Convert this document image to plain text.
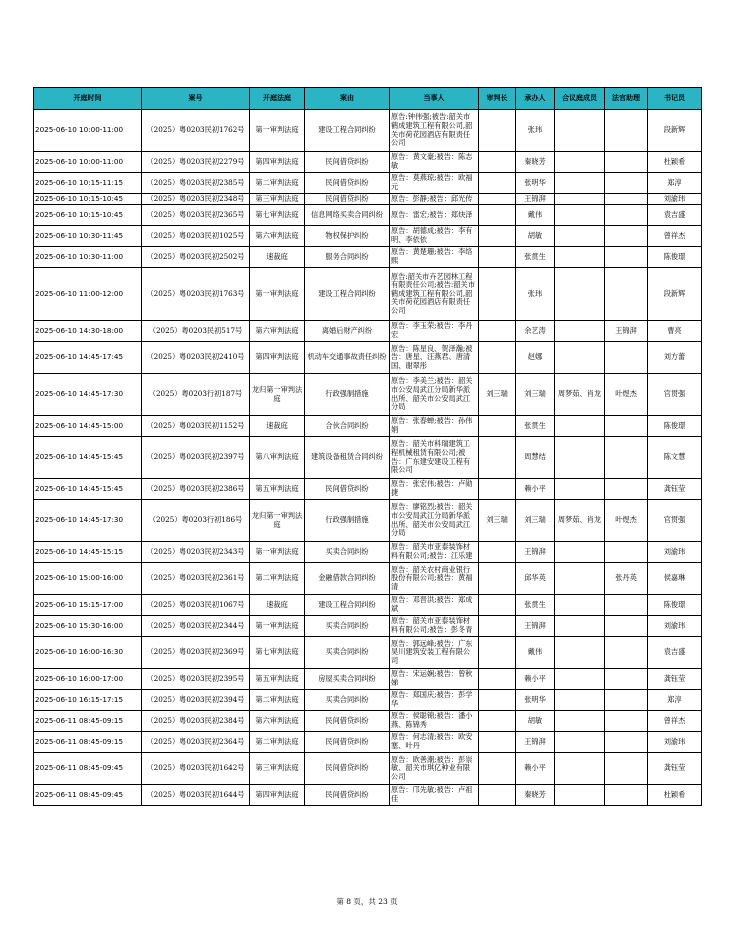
开庭时间	案号	开庭法庭	案由	当事人	审判长	承办人	合议庭成员	法官助理	书记员
2025-06-10 10:00-11:00	（2025）粤0203民初1762号	第一审判法庭	建设工程合同纠纷	原告:钟伟强;被告:韶关市鹤成建筑工程有限公司,韶关市荷花园酒店有限责任公司		张玮			段新辉
2025-06-10 10:00-11:00	（2025）粤0203民初2279号	第四审判法庭	民间借贷纠纷	原告：黄文豪;被告：陈志敏		秦晓芳			杜颖希
2025-06-10 10:15-11:15	（2025）粤0203民初2385号	第二审判法庭	民间借贷纠纷	原告：莫燕琼;被告：欧福元		张明华			郑淳
2025-06-10 10:15-10:45	（2025）粤0203民初2348号	第三审判法庭	民间借贷纠纷	原告：彭静;被告：邱光传		王锦湃			刘渝玮
2025-06-10 10:15-10:45	（2025）粤0203民初2365号	第七审判法庭	信息网络买卖合同纠纷	原告：雷宏;被告：郑炔泽		戴伟			袁吉盛
2025-06-10 10:30-11:45	（2025）粤0203民初1025号	第六审判法庭	物权保护纠纷	原告：胡德成;被告：李有明、李依依		胡敏			曾祥杰
2025-06-10 10:30-11:00	（2025）粤0203民初2502号	速裁庭	服务合同纠纷	原告：黄楚珊;被告：李络熙		张贯生			陈俊璟
2025-06-10 11:00-12:00	（2025）粤0203民初1763号	第一审判法庭	建设工程合同纠纷	原告:韶关市卉艺园林工程有限责任公司;被告:韶关市鹤成建筑工程有限公司,韶关市荷花园酒店有限责任公司		张玮			段新辉
2025-06-10 14:30-18:00	（2025）粤0203民初517号	第六审判法庭	离婚后财产纠纷	原告：李玉荣;被告：李丹宏		余艺涛		王锦湃	曹亮
2025-06-10 14:45-17:45	（2025）粤0203民初2410号	第四审判法庭	机动车交通事故责任纠纷	原告：陈星良、贺泽瀚;被告：唐星、汪燕君、唐清国、谢翠彤		赵娜			刘方蕾
2025-06-10 14:45-17:30	（2025）粤0203行初187号	龙归第一审判法庭	行政强制措施	原告：李美兰;被告：韶关市公安局武江分局新华派出所、韶关市公安局武江分局	刘三瑞	刘三瑞	周梦茹、肖龙	叶煜杰	官贯强
2025-06-10 14:45-15:00	（2025）粤0203民初1152号	速裁庭	合伙合同纠纷	原告：张春蝉;被告：孙伟娟		张贯生			陈俊璟
2025-06-10 14:45-15:45	（2025）粤0203民初2397号	第八审判法庭	建筑设备租赁合同纠纷	原告：韶关市科瑞建筑工程机械租赁有限公司;被告：广东建安建设工程有限公司		周慧结			陈文慧
2025-06-10 14:45-15:45	（2025）粤0203民初2386号	第五审判法庭	民间借贷纠纷	原告：张宏伟;被告：卢勋捷		赖小平			龚钰莹
2025-06-10 14:45-17:30	（2025）粤0203行初186号	龙归第一审判法庭	行政强制措施	原告：廖铭烈;被告：韶关市公安局武江分局新华派出所、韶关市公安局武江分局	刘三瑞	刘三瑞	周梦茹、肖龙	叶煜杰	官贯强
2025-06-10 14:45-15:15	（2025）粤0203民初2343号	第一审判法庭	买卖合同纠纷	原告：韶关市亚泰装饰材料有限公司;被告：江乐建		王锦湃			刘渝玮
2025-06-10 15:00-16:00	（2025）粤0203民初2361号	第二审判法庭	金融借款合同纠纷	原告：韶关农村商业银行股份有限公司;被告：黄福清		邱华英		张丹英	侯嘉琳
2025-06-10 15:15-17:00	（2025）粤0203民初1067号	速裁庭	建设工程合同纠纷	原告：邓晋洪;被告：郑成斌		张贯生			陈俊璟
2025-06-10 15:30-16:00	（2025）粤0203民初2344号	第一审判法庭	买卖合同纠纷	原告：韶关市亚泰装饰材料有限公司;被告：彭冬青		王锦湃			刘渝玮
2025-06-10 16:00-16:30	（2025）粤0203民初2369号	第七审判法庭	买卖合同纠纷	原告：郭远峰;被告：广东昊川建筑安装工程有限公司		戴伟			袁吉盛
2025-06-10 16:00-17:00	（2025）粤0203民初2395号	第五审判法庭	房屋买卖合同纠纷	原告：宋运娴;被告：曾秋娣		赖小平			龚钰莹
2025-06-10 16:15-17:15	（2025）粤0203民初2394号	第二审判法庭	买卖合同纠纷	原告：郑国庆;被告：彭学华		张明华			郑淳
2025-06-11 08:45-09:15	（2025）粤0203民初2384号	第六审判法庭	民间借贷纠纷	原告：侯聪锦;被告：潘小燕、陈锦秀		胡敏			曾祥杰
2025-06-11 08:45-09:15	（2025）粤0203民初2364号	第二审判法庭	民间借贷纠纷	原告：何志清;被告：欧安塞、叶丹		王锦湃			刘渝玮
2025-06-11 08:45-09:45	（2025）粤0203民初1642号	第三审判法庭	民间借贷纠纷	原告：欧善潮;被告：彭崇敏、韶关市琪亿种业有限公司		赖小平			龚钰莹
2025-06-11 08:45-09:45	（2025）粤0203民初1644号	第四审判法庭	民间借贷纠纷	原告：邝先敏;被告：卢祖佳		秦晓芳			杜颖希
第 8 页，共 23 页
